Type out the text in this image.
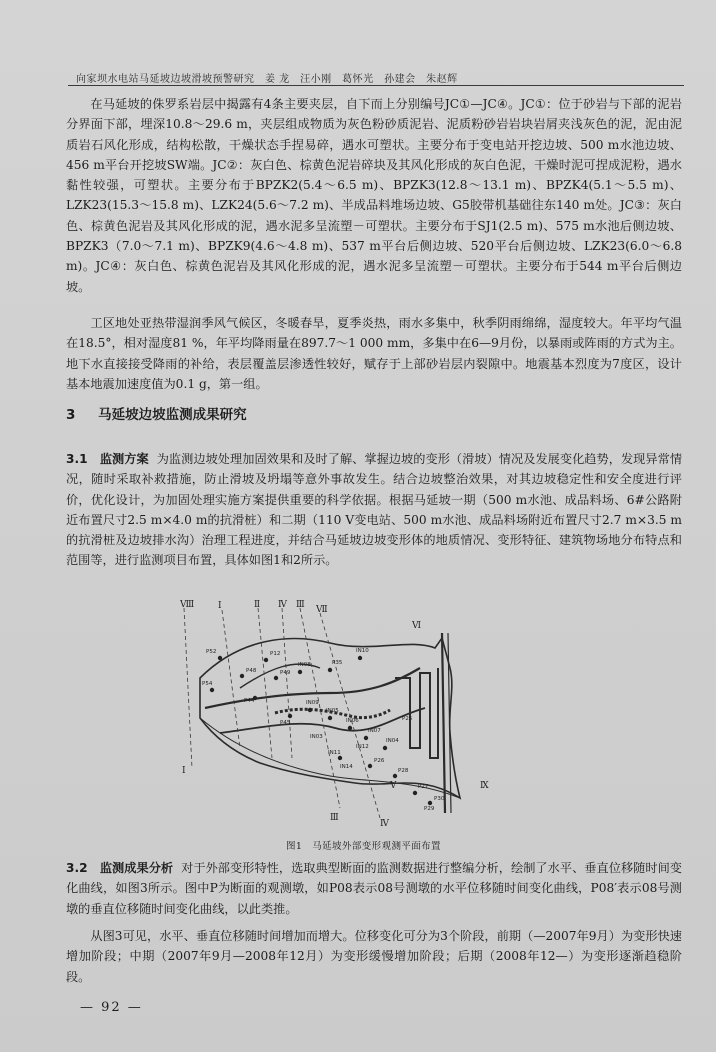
向家坝水电站马延坡边坡滑坡预警研究　姜 龙　汪小刚　葛怀光　孙建会　朱赵辉

在马延坡的侏罗系岩层中揭露有4条主要夹层，自下而上分别编号JC①—JC④。JC①：位于砂岩与下部的泥岩分界面下部，埋深10.8～29.6 m，夹层组成物质为灰色粉砂质泥岩、泥质粉砂岩岩块岩屑夹浅灰色的泥，泥由泥质岩石风化形成，结构松散，干燥状态手捏易碎，遇水可塑状。主要分布于变电站开挖边坡、500 m水池边坡、456 m平台开挖坡SW端。JC②：灰白色、棕黄色泥岩碎块及其风化形成的灰白色泥，干燥时泥可捏成泥粉，遇水黏性较强，可塑状。主要分布于BPZK2(5.4～6.5 m)、BPZK3(12.8～13.1 m)、BPZK4(5.1～5.5 m)、LZK23(15.3～15.8 m)、LZK24(5.6～7.2 m)、半成品料堆场边坡、G5胶带机基础往东140 m处。JC③：灰白色、棕黄色泥岩及其风化形成的泥，遇水泥多呈流塑－可塑状。主要分布于SJ1(2.5 m)、575 m水池后侧边坡、BPZK3（7.0～7.1 m)、BPZK9(4.6～4.8 m)、537 m平台后侧边坡、520平台后侧边坡、LZK23(6.0～6.8 m)。JC④：灰白色、棕黄色泥岩及其风化形成的泥，遇水泥多呈流塑－可塑状。主要分布于544 m平台后侧边坡。

工区地处亚热带湿润季风气候区，冬暖春旱，夏季炎热，雨水多集中，秋季阴雨绵绵，湿度较大。年平均气温在18.5°，相对湿度81 %，年平均降雨量在897.7～1 000 mm，多集中在6—9月份，以暴雨或阵雨的方式为主。地下水直接接受降雨的补给，表层覆盖层渗透性较好，赋存于上部砂岩层内裂隙中。地震基本烈度为7度区，设计基本地震加速度值为0.1 g，第一组。

3 马延坡边坡监测成果研究

3.1　监测方案 为监测边坡处理加固效果和及时了解、掌握边坡的变形（滑坡）情况及发展变化趋势，发现异常情况，随时采取补救措施，防止滑坡及坍塌等意外事故发生。结合边坡整治效果，对其边坡稳定性和安全度进行评价，优化设计，为加固处理实施方案提供重要的科学依据。根据马延坡一期（500 m水池、成品料场、6#公路附近布置尺寸2.5 m×4.0 m的抗滑桩）和二期（110 V变电站、500 m水池、成品料场附近布置尺寸2.7 m×3.5 m的抗滑桩及边坡排水沟）治理工程进度，并结合马延坡边坡变形体的地质情况、变形特征、建筑物场地分布特点和范围等，进行监测项目布置，具体如图1和2所示。

Ⅷ	Ⅰ	Ⅱ Ⅳ Ⅲ Ⅶ
Ⅵ
Ⅴ	Ⅸ
Ⅲ
Ⅳ
Ⅰ
P52
P48
P54
P12
P49
P44
IN08	P35
IN10
P45
IN09
IN05
IN06
IN03
IN07
IN04
IN11
P26
P28
P27
P30
IN14
P25
IN12
P29
图1　马延坡外部变形观测平面布置

3.2　监测成果分析 对于外部变形特性，选取典型断面的监测数据进行整编分析，绘制了水平、垂直位移随时间变化曲线，如图3所示。图中P为断面的观测墩，如P08表示08号测墩的水平位移随时间变化曲线，P08′表示08号测墩的垂直位移随时间变化曲线，以此类推。

从图3可见，水平、垂直位移随时间增加而增大。位移变化可分为3个阶段，前期（—2007年9月）为变形快速增加阶段；中期（2007年9月—2008年12月）为变形缓慢增加阶段；后期（2008年12—）为变形逐渐趋稳阶段。

— 92 —
